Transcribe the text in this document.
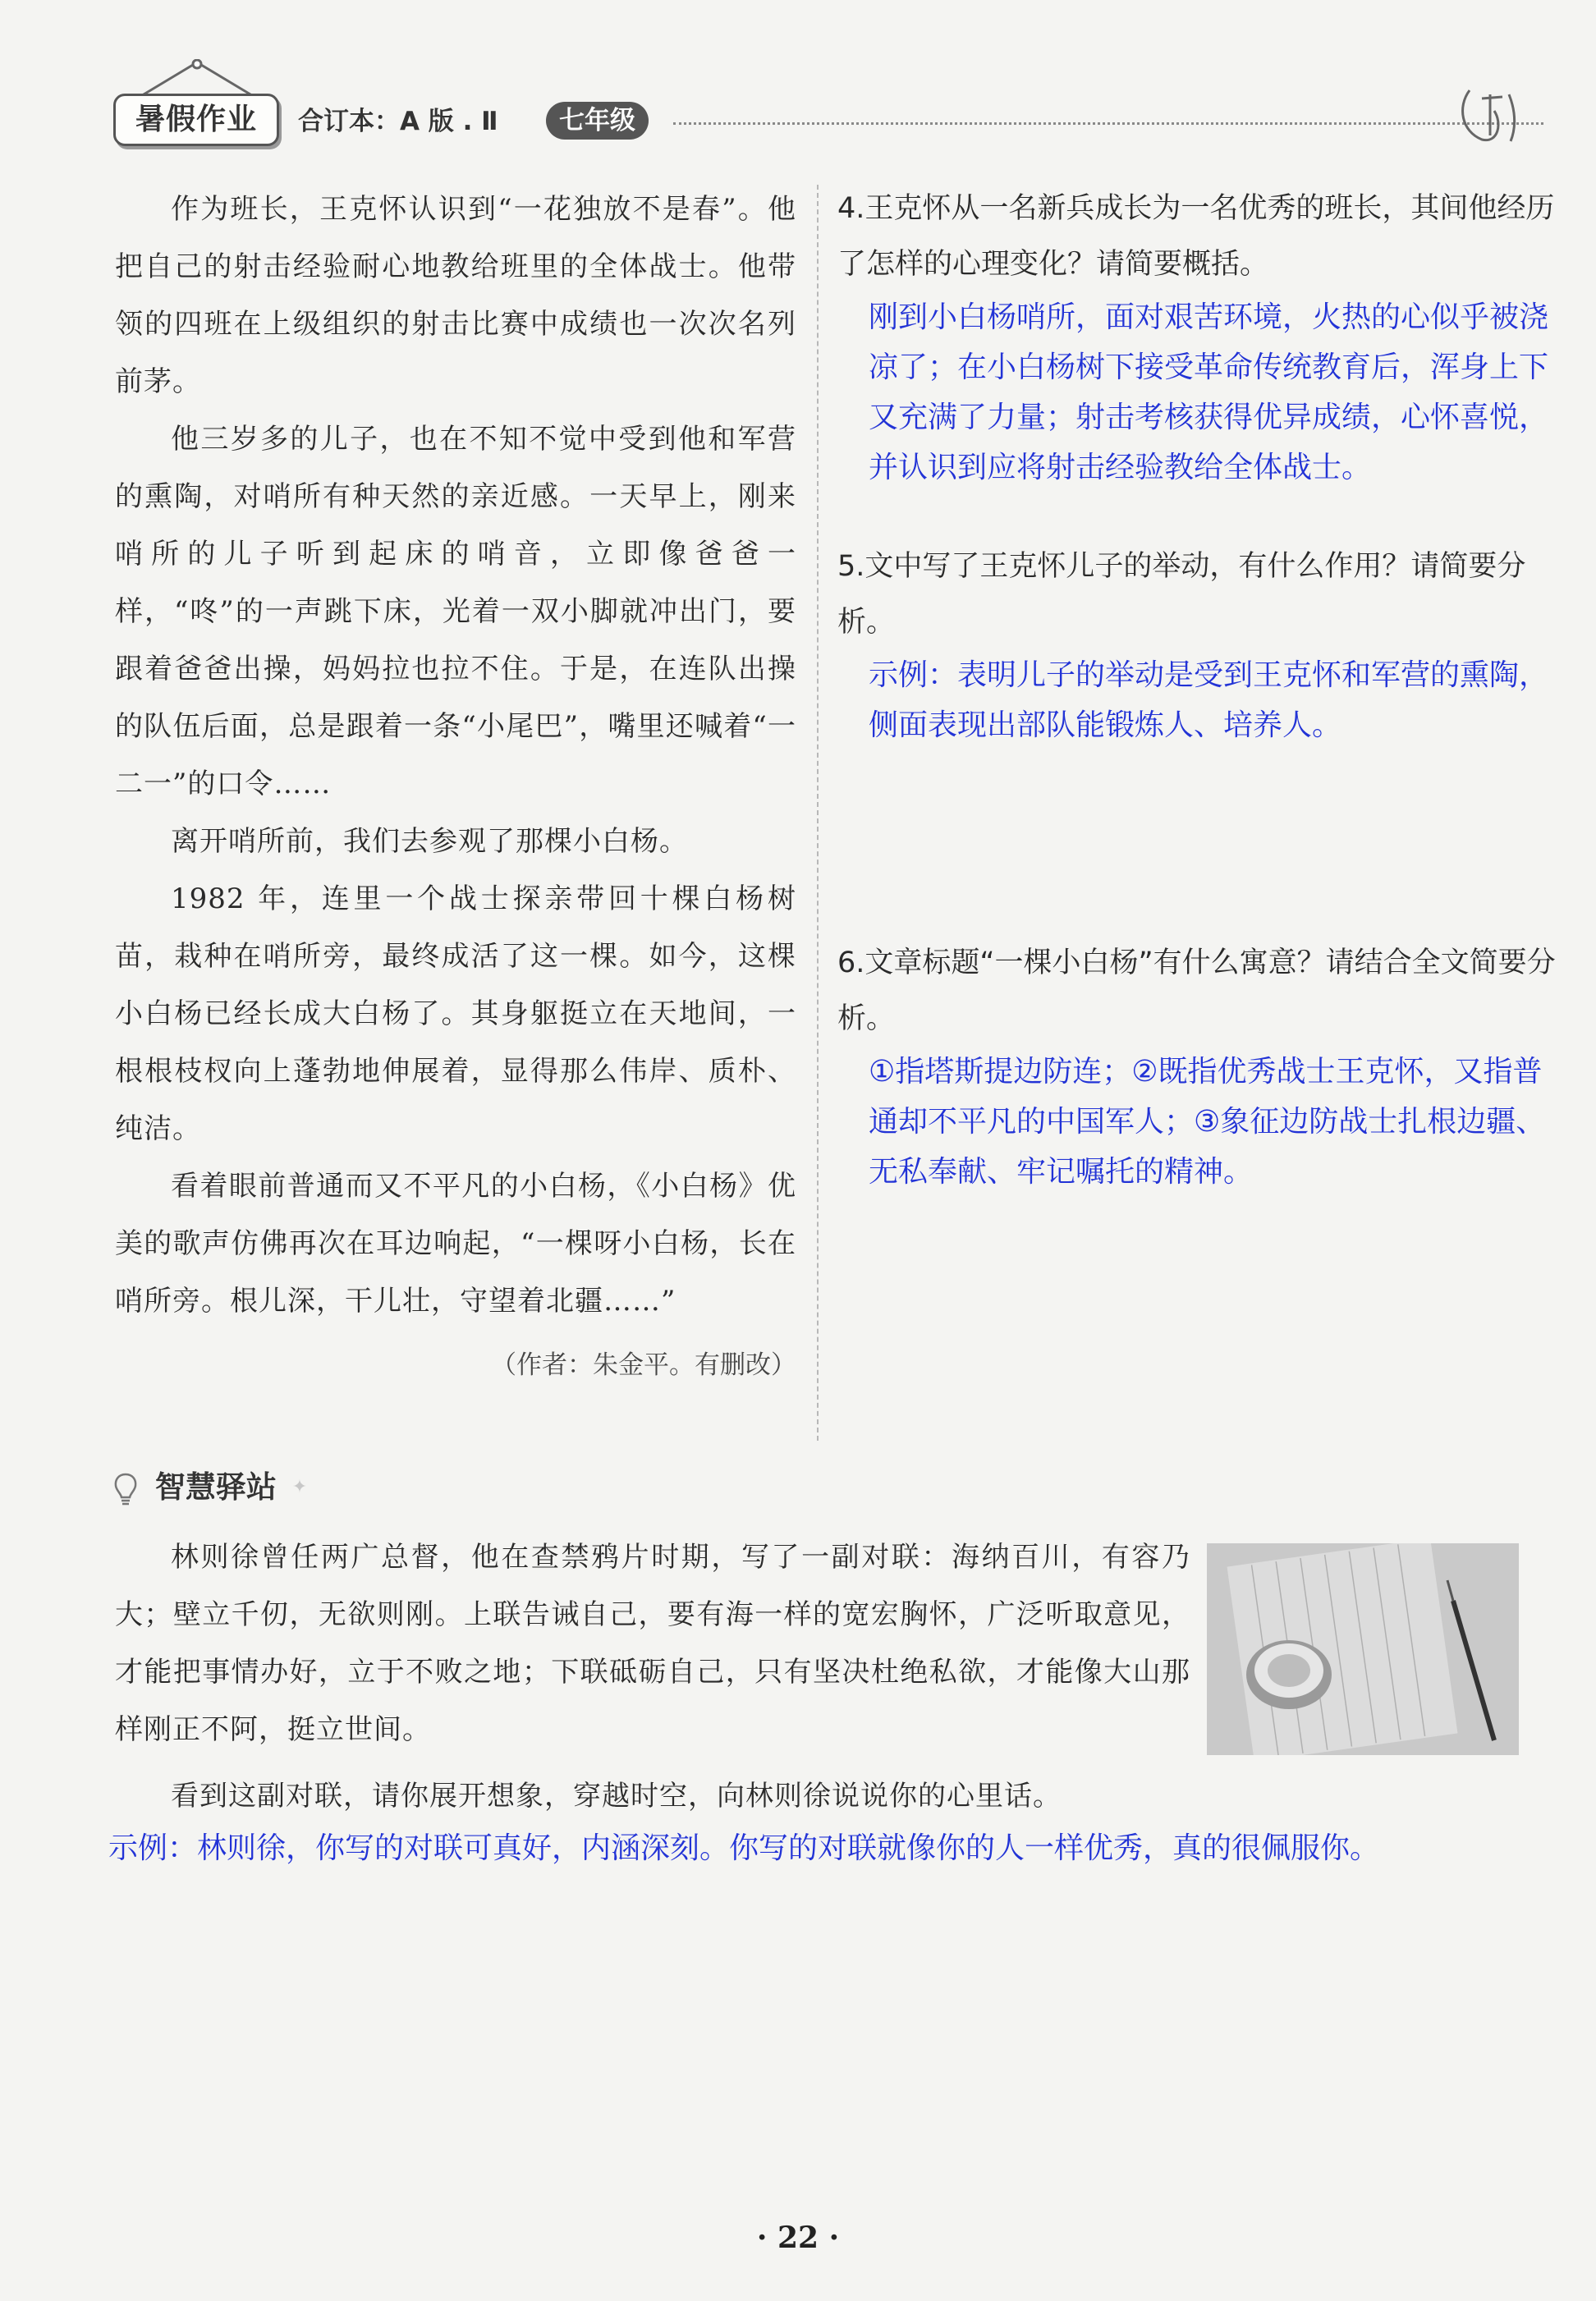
暑假作业	合订本：A 版 . Ⅱ	七年级

作为班长，王克怀认识到“一花独放不是春”。他把自己的射击经验耐心地教给班里的全体战士。他带领的四班在上级组织的射击比赛中成绩也一次次名列前茅。

他三岁多的儿子，也在不知不觉中受到他和军营的熏陶，对哨所有种天然的亲近感。一天早上，刚来哨所的儿子听到起床的哨音，立即像爸爸一样，“咚”的一声跳下床，光着一双小脚就冲出门，要跟着爸爸出操，妈妈拉也拉不住。于是，在连队出操的队伍后面，总是跟着一条“小尾巴”，嘴里还喊着“一二一”的口令……

离开哨所前，我们去参观了那棵小白杨。

1982 年，连里一个战士探亲带回十棵白杨树苗，栽种在哨所旁，最终成活了这一棵。如今，这棵小白杨已经长成大白杨了。其身躯挺立在天地间，一根根枝杈向上蓬勃地伸展着，显得那么伟岸、质朴、纯洁。

看着眼前普通而又不平凡的小白杨，《小白杨》优美的歌声仿佛再次在耳边响起，“一棵呀小白杨，长在哨所旁。根儿深，干儿壮，守望着北疆……”

（作者：朱金平。有删改）
4.王克怀从一名新兵成长为一名优秀的班长，其间他经历了怎样的心理变化？请简要概括。

刚到小白杨哨所，面对艰苦环境，火热的心似乎被浇凉了；在小白杨树下接受革命传统教育后，浑身上下又充满了力量；射击考核获得优异成绩，心怀喜悦，并认识到应将射击经验教给全体战士。

5.文中写了王克怀儿子的举动，有什么作用？请简要分析。

示例：表明儿子的举动是受到王克怀和军营的熏陶，侧面表现出部队能锻炼人、培养人。

6.文章标题“一棵小白杨”有什么寓意？请结合全文简要分析。

①指塔斯提边防连；②既指优秀战士王克怀，又指普通却不平凡的中国军人；③象征边防战士扎根边疆、无私奉献、牢记嘱托的精神。

智慧驿站 ✦

林则徐曾任两广总督，他在查禁鸦片时期，写了一副对联：海纳百川，有容乃大；壁立千仞，无欲则刚。上联告诫自己，要有海一样的宽宏胸怀，广泛听取意见，才能把事情办好，立于不败之地；下联砥砺自己，只有坚决杜绝私欲，才能像大山那样刚正不阿，挺立世间。

看到这副对联，请你展开想象，穿越时空，向林则徐说说你的心里话。

示例：林则徐，你写的对联可真好，内涵深刻。你写的对联就像你的人一样优秀，真的很佩服你。
· 22 ·
